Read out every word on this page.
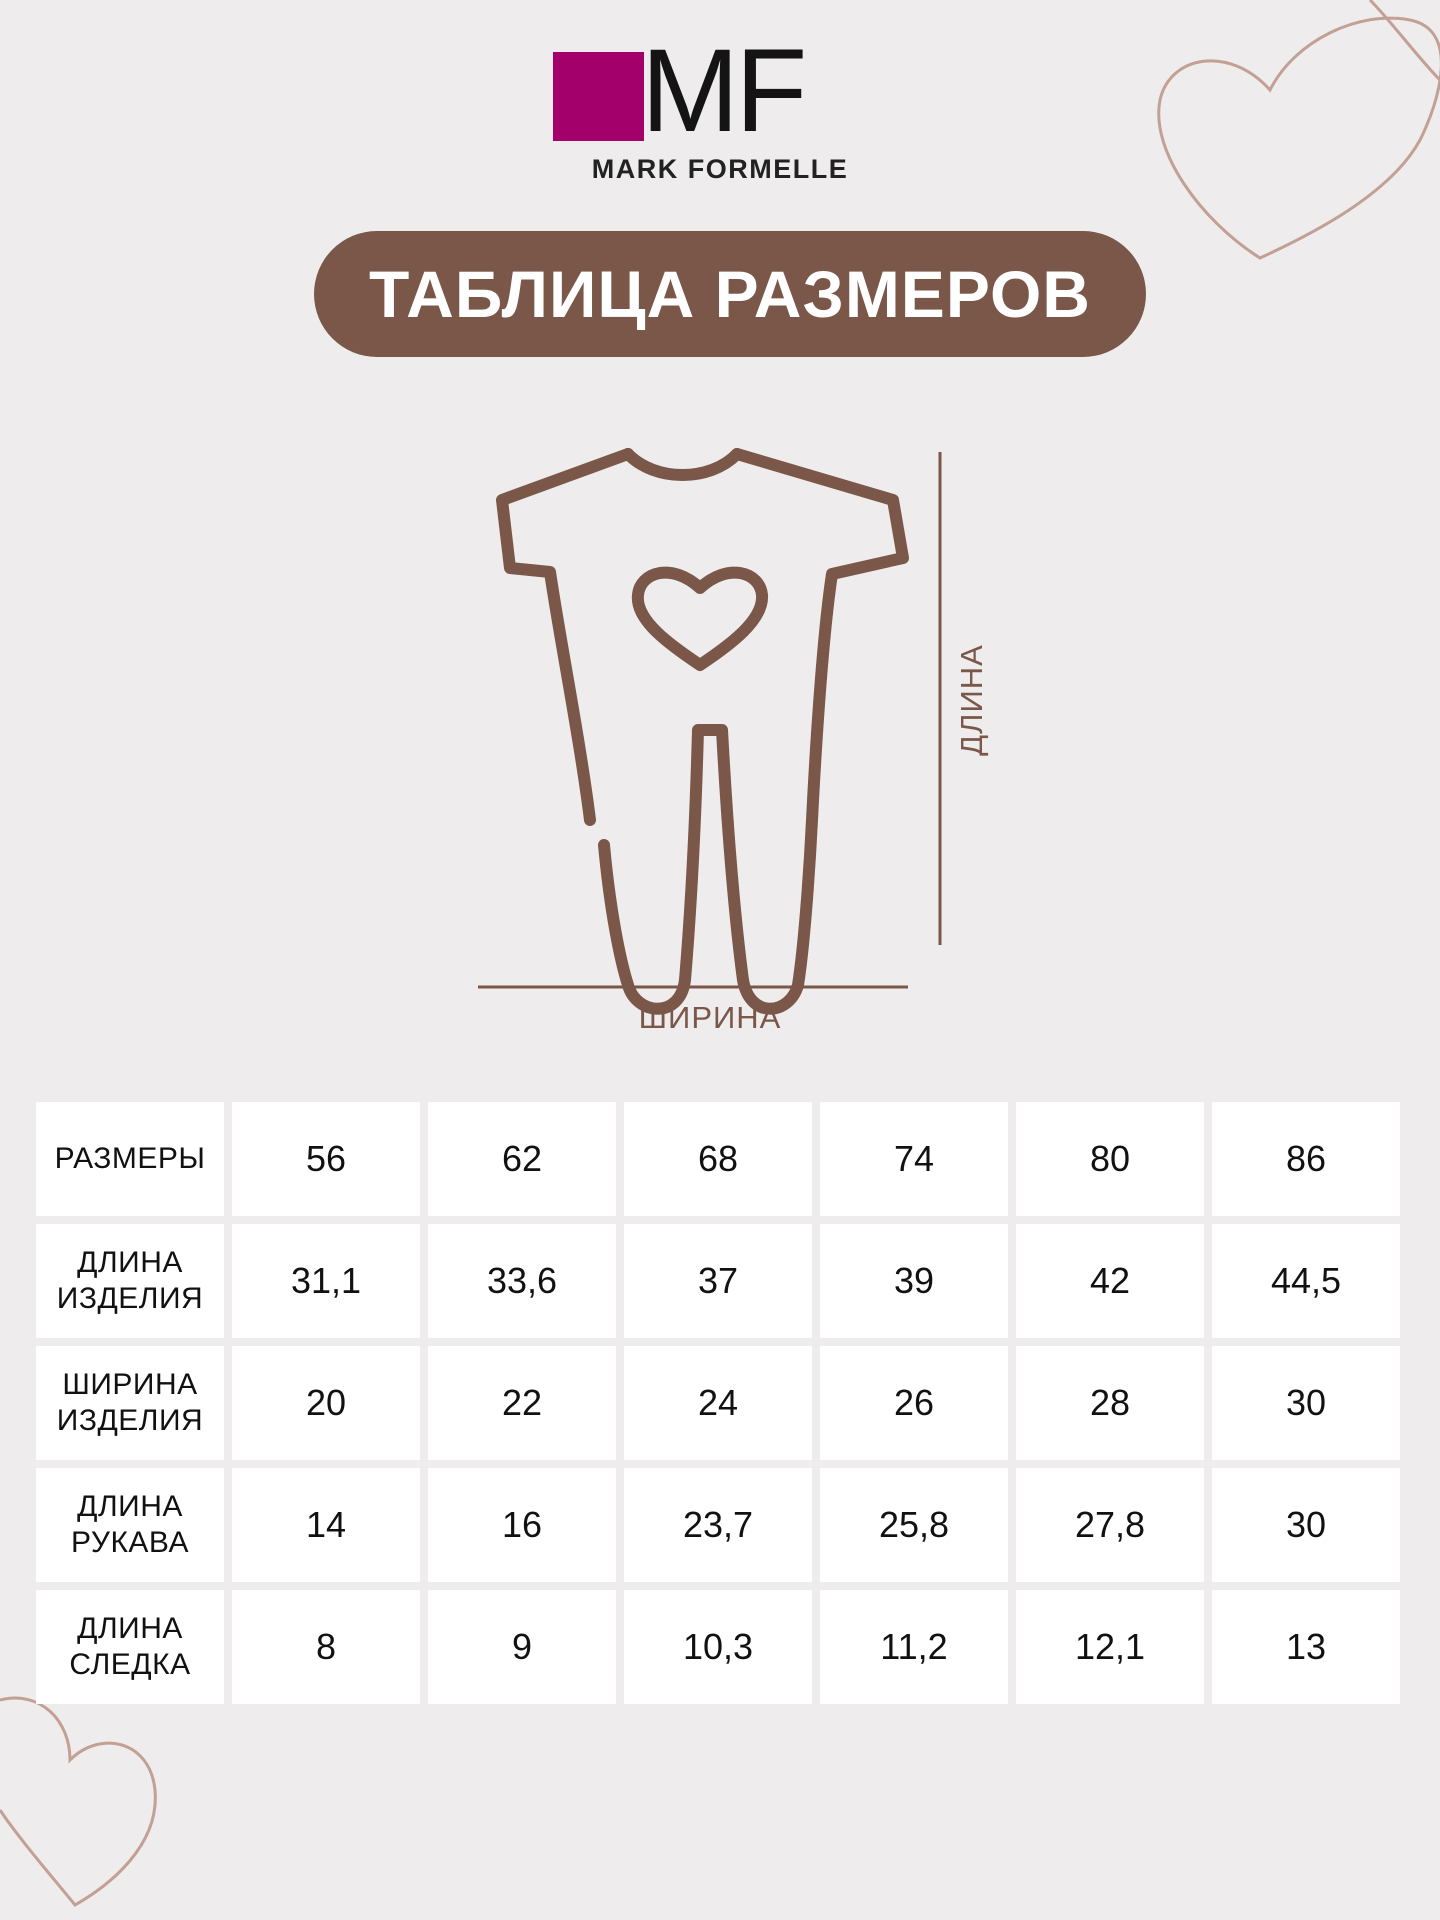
MF
MARK FORMELLE
ТАБЛИЦА РАЗМЕРОВ
ДЛИНА
ШИРИНА
РАЗМЕРЫ	56	62	68	74	80	86
ДЛИНА
ИЗДЕЛИЯ	31,1	33,6	37	39	42	44,5
ШИРИНА
ИЗДЕЛИЯ	20	22	24	26	28	30
ДЛИНА
РУКАВА	14	16	23,7	25,8	27,8	30
ДЛИНА
СЛЕДКА	8	9	10,3	11,2	12,1	13
